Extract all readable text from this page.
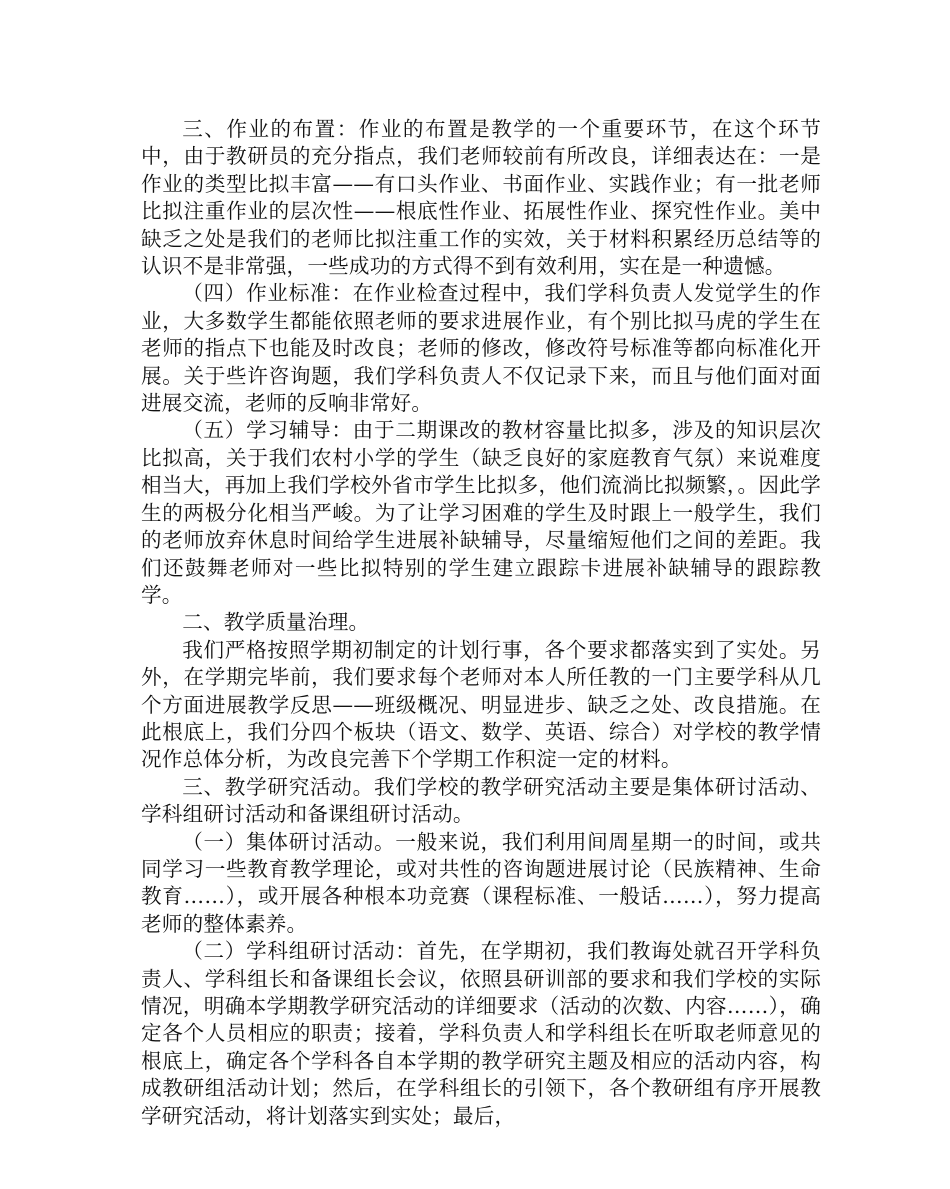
三、作业的布置：作业的布置是教学的一个重要环节，在这个环节中，由于教研员的充分指点，我们老师较前有所改良，详细表达在：一是作业的类型比拟丰富——有口头作业、书面作业、实践作业；有一批老师比拟注重作业的层次性——根底性作业、拓展性作业、探究性作业。美中缺乏之处是我们的老师比拟注重工作的实效，关于材料积累经历总结等的认识不是非常强，一些成功的方式得不到有效利用，实在是一种遗憾。

（四）作业标准：在作业检查过程中，我们学科负责人发觉学生的作业，大多数学生都能依照老师的要求进展作业，有个别比拟马虎的学生在老师的指点下也能及时改良；老师的修改，修改符号标准等都向标准化开展。关于些许咨询题，我们学科负责人不仅记录下来，而且与他们面对面进展交流，老师的反响非常好。

（五）学习辅导：由于二期课改的教材容量比拟多，涉及的知识层次比拟高，关于我们农村小学的学生（缺乏良好的家庭教育气氛）来说难度相当大，再加上我们学校外省市学生比拟多，他们流淌比拟频繁，。因此学生的两极分化相当严峻。为了让学习困难的学生及时跟上一般学生，我们的老师放弃休息时间给学生进展补缺辅导，尽量缩短他们之间的差距。我们还鼓舞老师对一些比拟特别的学生建立跟踪卡进展补缺辅导的跟踪教学。

二、教学质量治理。

我们严格按照学期初制定的计划行事，各个要求都落实到了实处。另外，在学期完毕前，我们要求每个老师对本人所任教的一门主要学科从几个方面进展教学反思——班级概况、明显进步、缺乏之处、改良措施。在此根底上，我们分四个板块（语文、数学、英语、综合）对学校的教学情况作总体分析，为改良完善下个学期工作积淀一定的材料。

三、教学研究活动。我们学校的教学研究活动主要是集体研讨活动、学科组研讨活动和备课组研讨活动。

（一）集体研讨活动。一般来说，我们利用间周星期一的时间，或共同学习一些教育教学理论，或对共性的咨询题进展讨论（民族精神、生命教育……），或开展各种根本功竞赛（课程标准、一般话……），努力提高老师的整体素养。

（二）学科组研讨活动：首先，在学期初，我们教诲处就召开学科负责人、学科组长和备课组长会议，依照县研训部的要求和我们学校的实际情况，明确本学期教学研究活动的详细要求（活动的次数、内容……），确定各个人员相应的职责；接着，学科负责人和学科组长在听取老师意见的根底上，确定各个学科各自本学期的教学研究主题及相应的活动内容，构成教研组活动计划；然后，在学科组长的引领下，各个教研组有序开展教学研究活动，将计划落实到实处；最后，
